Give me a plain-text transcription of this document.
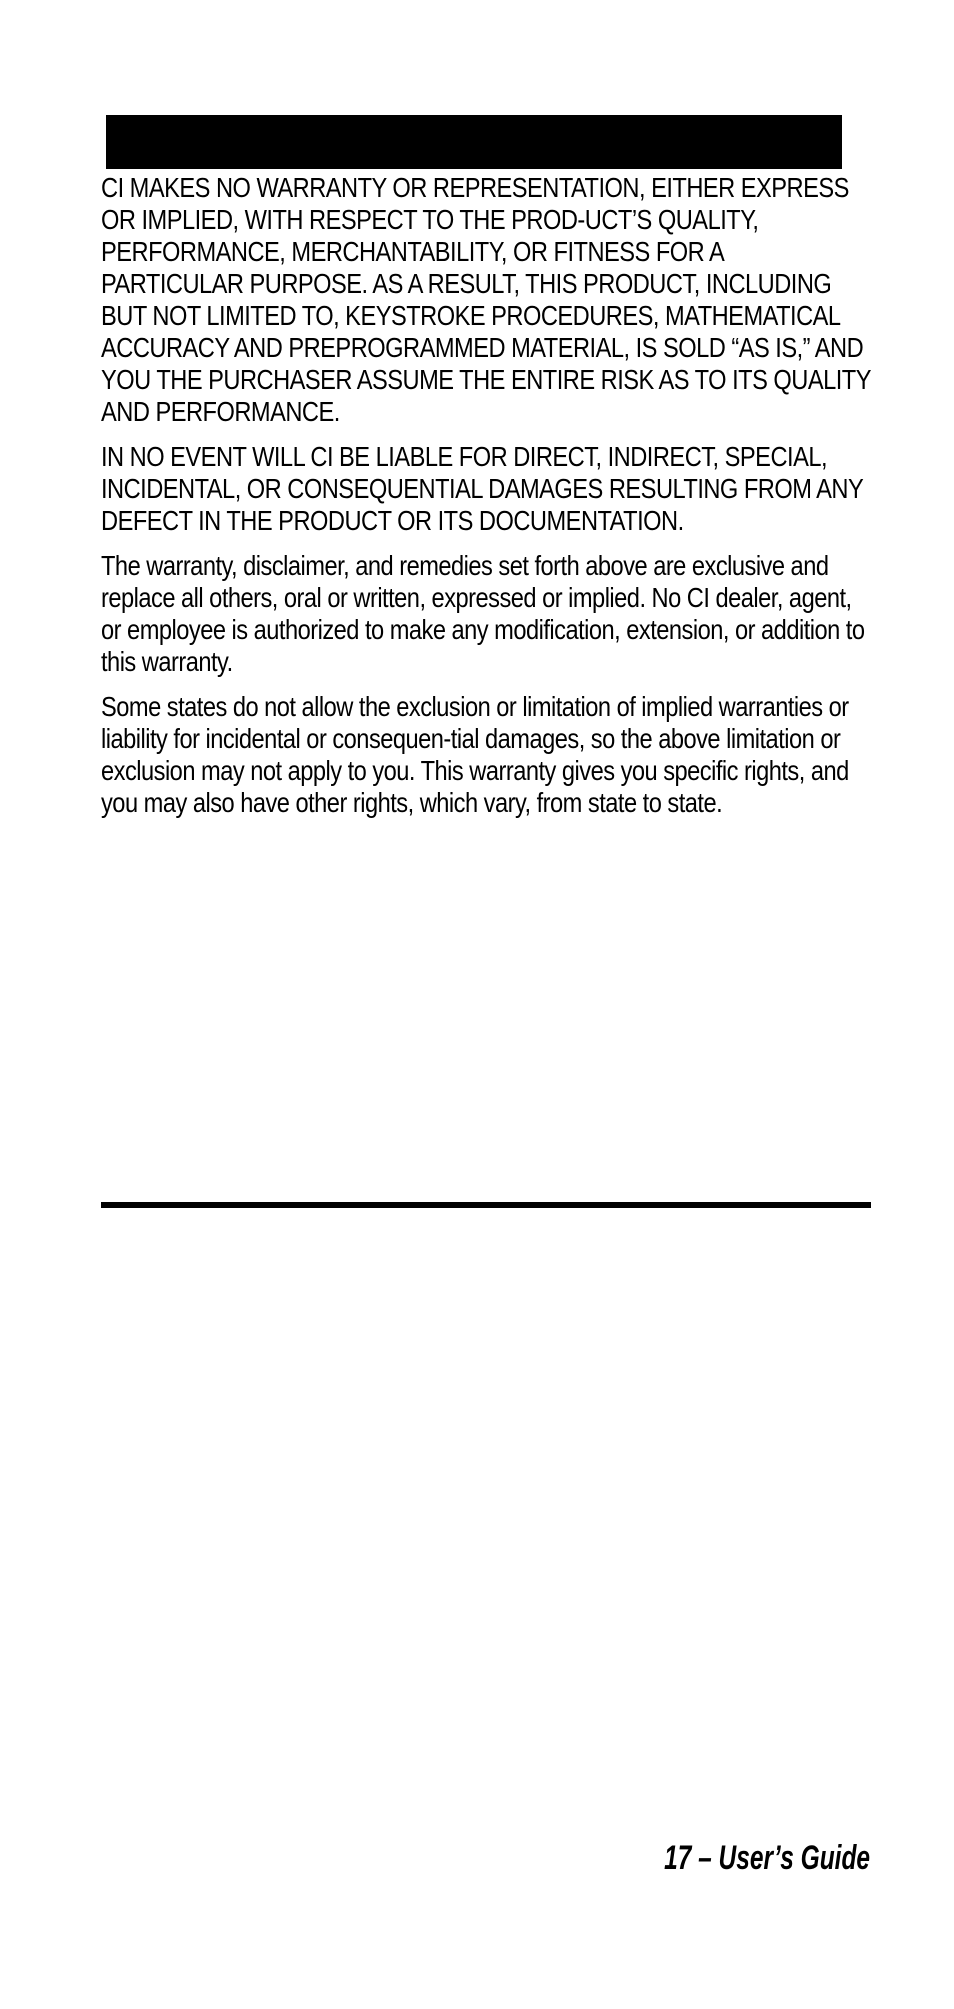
CI MAKES NO WARRANTY OR REPRESENTATION, EITHER EXPRESS OR IMPLIED, WITH RESPECT TO THE PROD-UCT’S QUALITY, PERFORMANCE, MERCHANTABILITY, OR FITNESS FOR A PARTICULAR PURPOSE. AS A RESULT, THIS PRODUCT, INCLUDING BUT NOT LIMITED TO, KEYSTROKE PROCEDURES, MATHEMATICAL ACCURACY AND PREPROGRAMMED MATERIAL, IS SOLD “AS IS,” AND YOU THE PURCHASER ASSUME THE ENTIRE RISK AS TO ITS QUALITY AND PERFORMANCE.

IN NO EVENT WILL CI BE LIABLE FOR DIRECT, INDIRECT, SPECIAL, INCIDENTAL, OR CONSEQUENTIAL DAMAGES RESULTING FROM ANY DEFECT IN THE PRODUCT OR ITS DOCUMENTATION.

The warranty, disclaimer, and remedies set forth above are exclusive and replace all others, oral or written, expressed or implied. No CI dealer, agent, or employee is authorized to make any modification, extension, or addition to this warranty.

Some states do not allow the exclusion or limitation of implied warranties or liability for incidental or consequen-tial damages, so the above limitation or exclusion may not apply to you. This warranty gives you specific rights, and you may also have other rights, which vary, from state to state.

17 – User’s Guide
